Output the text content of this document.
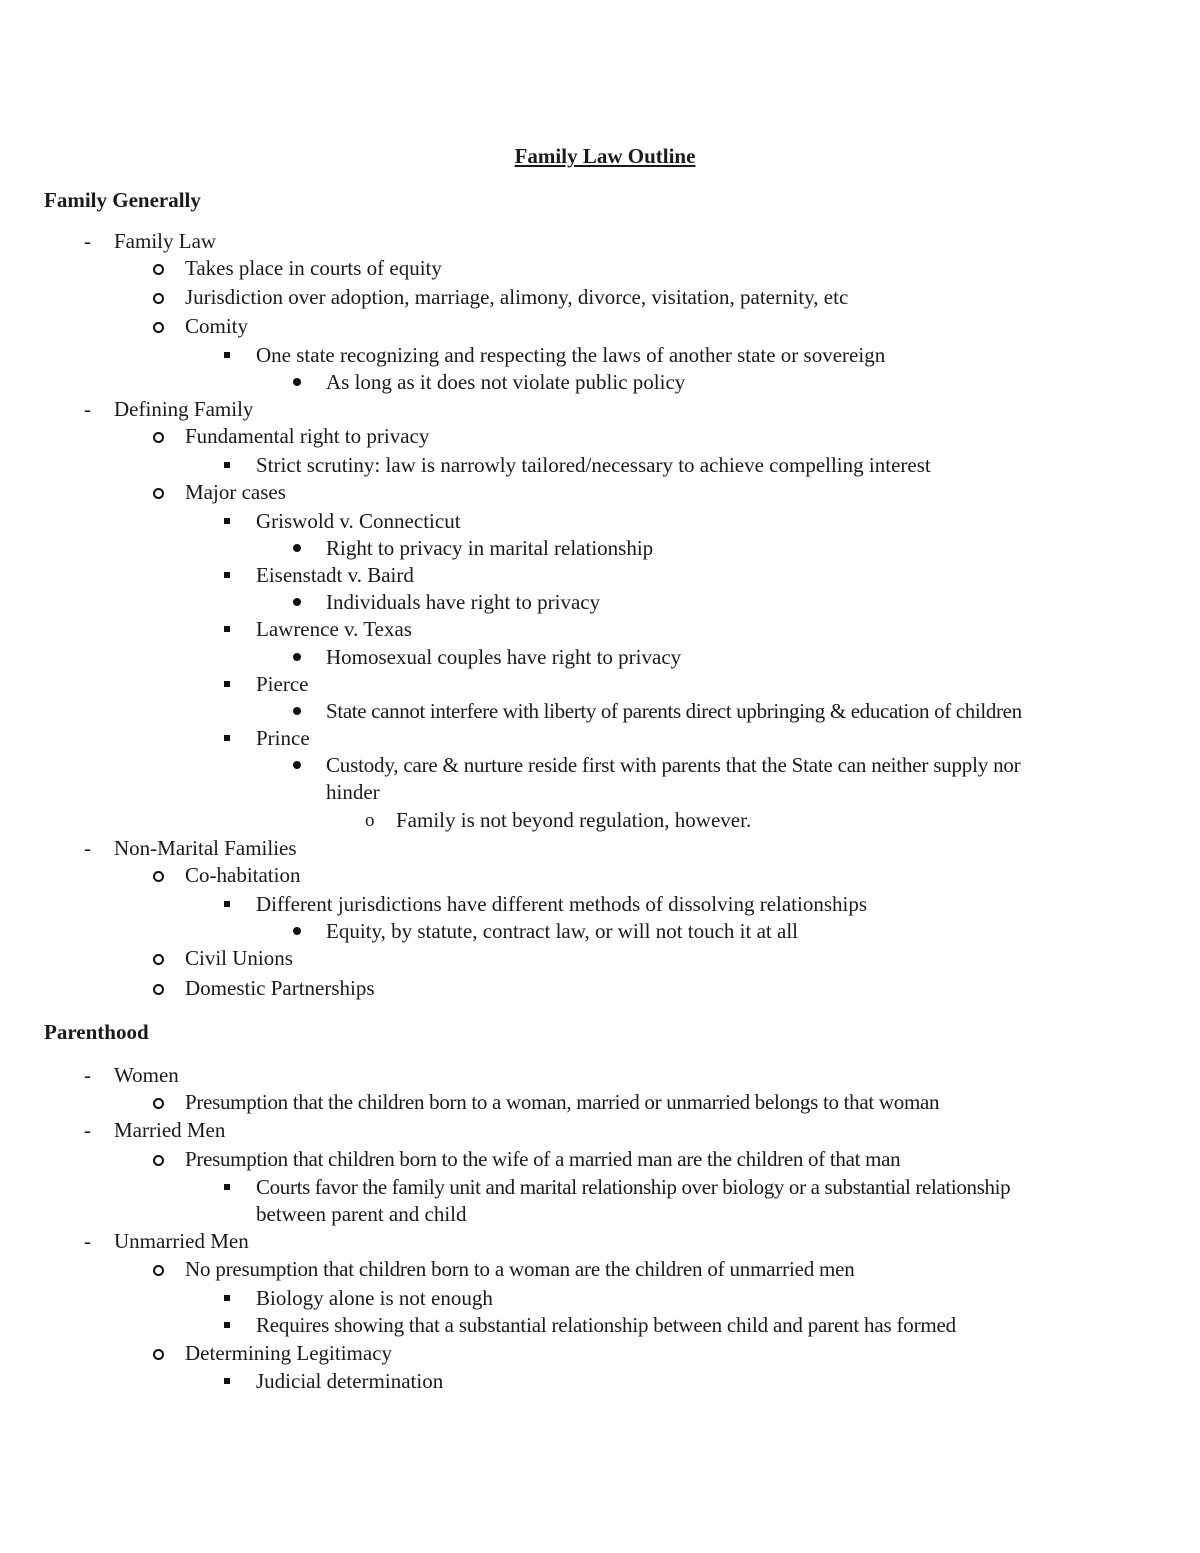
Family Law Outline
Family Generally
- Family Law
Takes place in courts of equity
Jurisdiction over adoption, marriage, alimony, divorce, visitation, paternity, etc
Comity
One state recognizing and respecting the laws of another state or sovereign
As long as it does not violate public policy
- Defining Family
Fundamental right to privacy
Strict scrutiny: law is narrowly tailored/necessary to achieve compelling interest
Major cases
Griswold v. Connecticut
Right to privacy in marital relationship
Eisenstadt v. Baird
Individuals have right to privacy
Lawrence v. Texas
Homosexual couples have right to privacy
Pierce
State cannot interfere with liberty of parents direct upbringing & education of children
Prince
Custody, care & nurture reside first with parents that the State can neither supply nor
hinder
o Family is not beyond regulation, however.
- Non-Marital Families
Co-habitation
Different jurisdictions have different methods of dissolving relationships
Equity, by statute, contract law, or will not touch it at all
Civil Unions
Domestic Partnerships
Parenthood
- Women
Presumption that the children born to a woman, married or unmarried belongs to that woman
- Married Men
Presumption that children born to the wife of a married man are the children of that man
Courts favor the family unit and marital relationship over biology or a substantial relationship
between parent and child
- Unmarried Men
No presumption that children born to a woman are the children of unmarried men
Biology alone is not enough
Requires showing that a substantial relationship between child and parent has formed
Determining Legitimacy
Judicial determination
